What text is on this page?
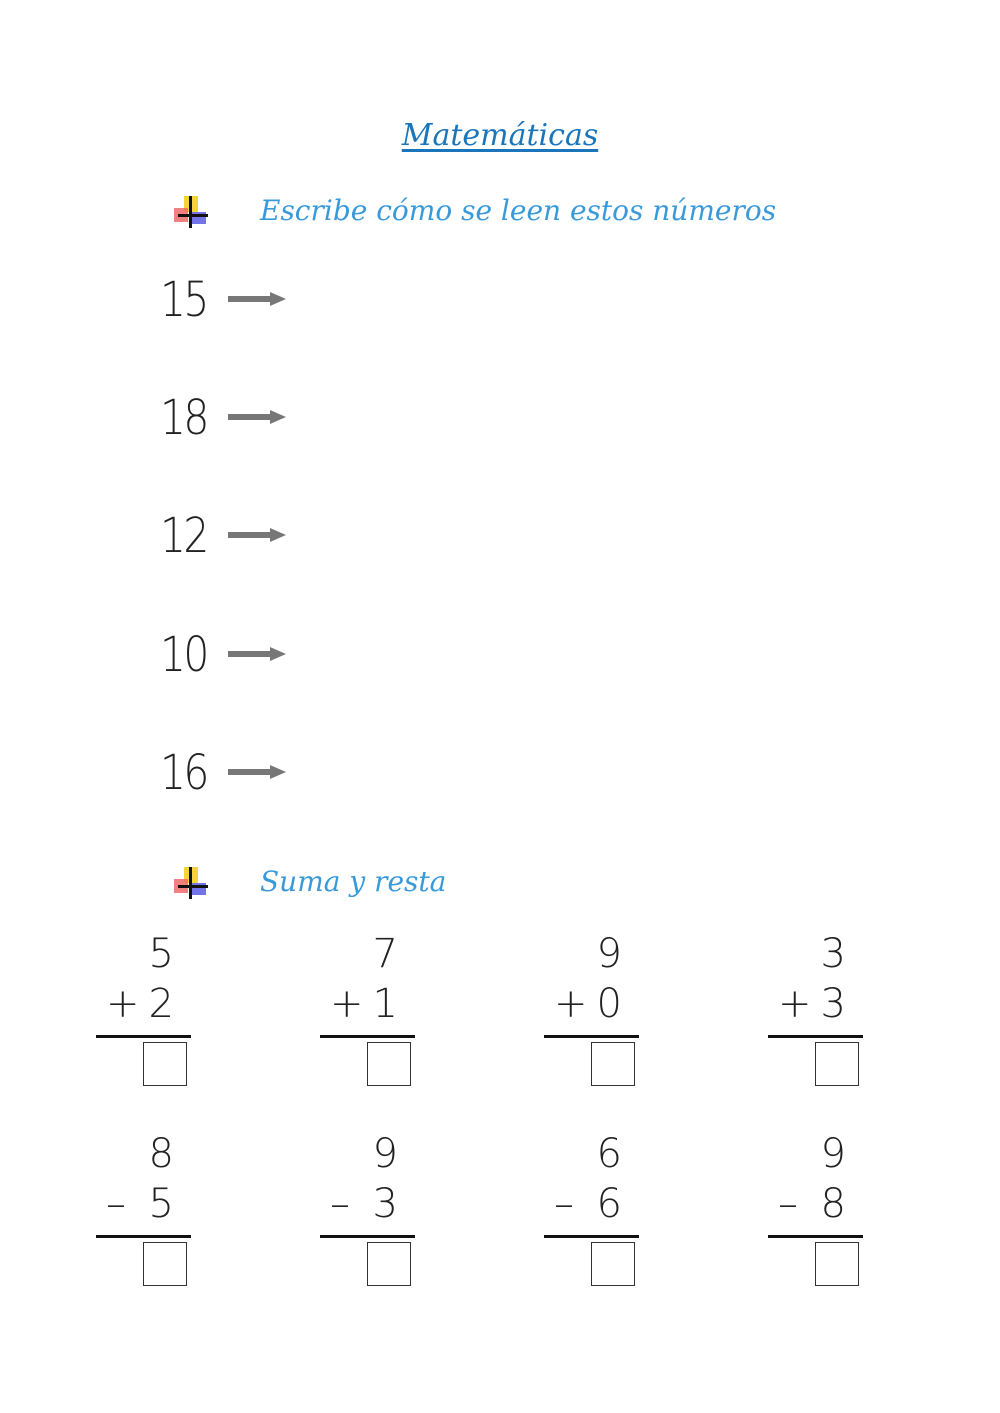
Matemáticas
Escribe cómo se leen estos números
15
18
12
10
16
Suma y resta
5
+ 2
7
+ 1
9
+ 0
3
+ 3
8
– 5
9
– 3
6
– 6
9
– 8
